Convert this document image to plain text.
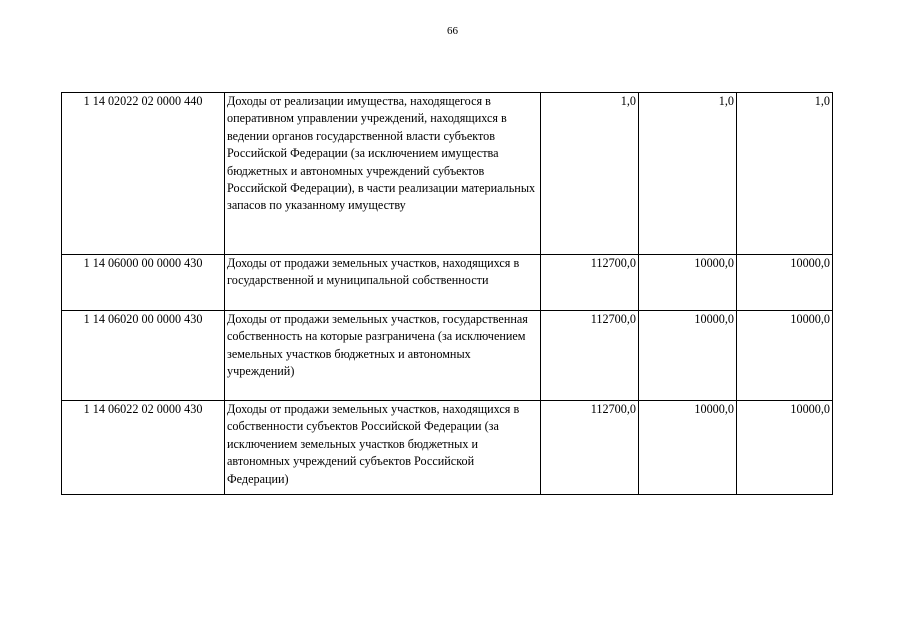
66
1 14 02022 02 0000 440	Доходы от реализации имущества, находящегося в оперативном управлении учреждений, находящихся в ведении органов государственной власти субъектов Российской Федерации (за исключением имущества бюджетных и автономных учреждений субъектов Российской Федерации), в части реализации материальных запасов по указанному имуществу	1,0	1,0	1,0
1 14 06000 00 0000 430	Доходы от продажи земельных участков, находящихся в государственной и муниципальной собственности	112700,0	10000,0	10000,0
1 14 06020 00 0000 430	Доходы от продажи земельных участков, государственная собственность на которые разграничена (за исключением земельных участков бюджетных и автономных учреждений)	112700,0	10000,0	10000,0
1 14 06022 02 0000 430	Доходы от продажи земельных участков, находящихся в собственности субъектов Российской Федерации (за исключением земельных участков бюджетных и автономных учреждений субъектов Российской Федерации)	112700,0	10000,0	10000,0
